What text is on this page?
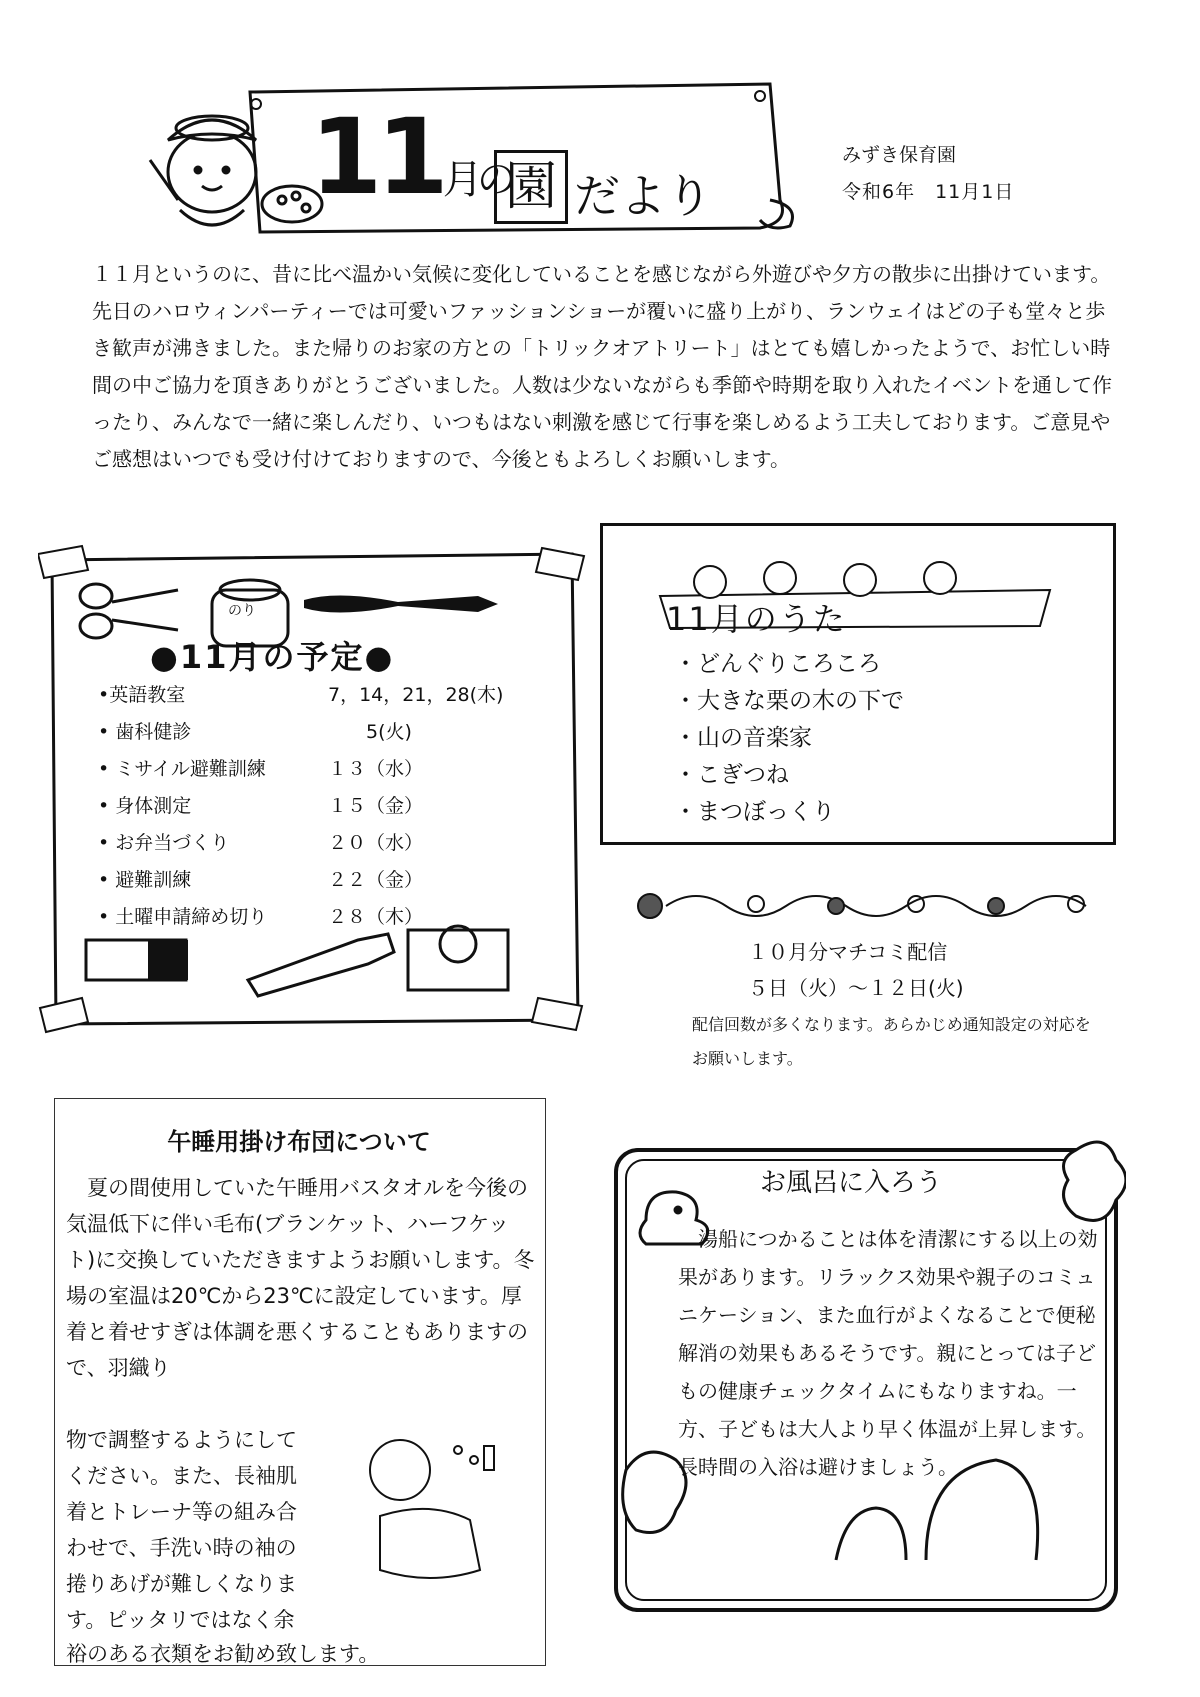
11月の
園 だより
みずき保育園
令和6年　11月1日
１１月というのに、昔に比べ温かい気候に変化していることを感じながら外遊びや夕方の散歩に出掛けています。先日のハロウィンパーティーでは可愛いファッションショーが覆いに盛り上がり、ランウェイはどの子も堂々と歩き歓声が沸きました。また帰りのお家の方との「トリックオアトリート」はとても嬉しかったようで、お忙しい時間の中ご協力を頂きありがとうございました。人数は少ないながらも季節や時期を取り入れたイベントを通して作ったり、みんなで一緒に楽しんだり、いつもはない刺激を感じて行事を楽しめるよう工夫しております。ご意見やご感想はいつでも受け付けておりますので、今後ともよろしくお願いします。
のり
●11月の予定●
•英語教室	7，14，21，28(木)
• 歯科健診	　　5(火)
• ミサイル避難訓練	１３（水）
• 身体測定	１５（金）
• お弁当づくり	２０（水）
• 避難訓練	２２（金）
• 土曜申請締め切り	２８（木）
11月のうた
・どんぐりころころ
・大きな栗の木の下で
・山の音楽家
・こぎつね
・まつぼっくり
１０月分マチコミ配信
５日（火）～１２日(火)
配信回数が多くなります。あらかじめ通知設定の対応をお願いします。
午睡用掛け布団について
　夏の間使用していた午睡用バスタオルを今後の気温低下に伴い毛布(ブランケット、ハーフケット)に交換していただきますようお願いします。冬場の室温は20℃から23℃に設定しています。厚着と着せすぎは体調を悪くすることもありますので、羽織り
物で調整するようにしてください。また、長袖肌着とトレーナ等の組み合わせで、手洗い時の袖の捲りあげが難しくなります。ピッタリではなく余
裕のある衣類をお勧め致します。
お風呂に入ろう
　湯船につかることは体を清潔にする以上の効果があります。リラックス効果や親子のコミュニケーション、また血行がよくなることで便秘解消の効果もあるそうです。親にとっては子どもの健康チェックタイムにもなりますね。一方、子どもは大人より早く体温が上昇します。長時間の入浴は避けましょう。
